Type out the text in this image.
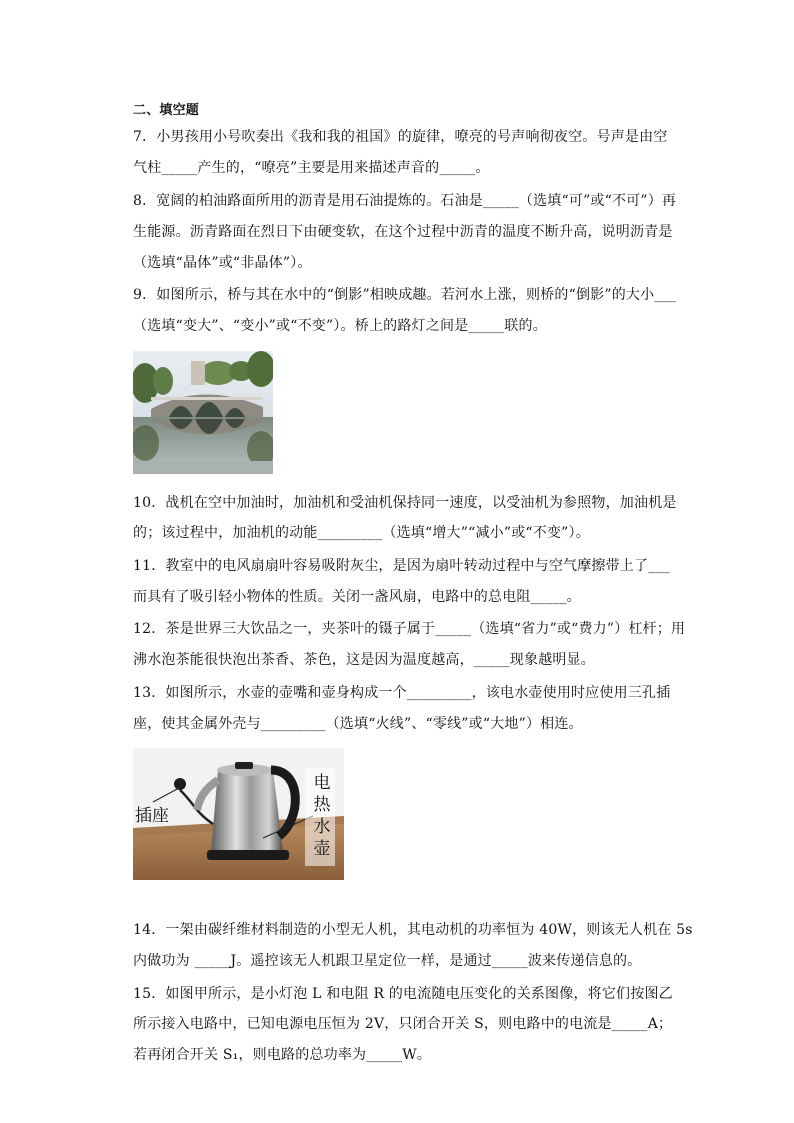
二、填空题
7．小男孩用小号吹奏出《我和我的祖国》的旋律，嘹亮的号声响彻夜空。号声是由空
气柱_____产生的，“嘹亮”主要是用来描述声音的_____。
8．宽阔的柏油路面所用的沥青是用石油提炼的。石油是_____（选填“可”或“不可”）再
生能源。沥青路面在烈日下由硬变软，在这个过程中沥青的温度不断升高，说明沥青是
（选填“晶体”或“非晶体”）。
9．如图所示，桥与其在水中的“倒影”相映成趣。若河水上涨，则桥的“倒影”的大小___
（选填“变大”、“变小”或“不变”）。桥上的路灯之间是_____联的。
10．战机在空中加油时，加油机和受油机保持同一速度，以受油机为参照物，加油机是
的；该过程中，加油机的动能_________（选填“增大”“减小”或“不变”）。
11．教室中的电风扇扇叶容易吸附灰尘，是因为扇叶转动过程中与空气摩擦带上了___
而具有了吸引轻小物体的性质。关闭一盏风扇，电路中的总电阻_____。
12．茶是世界三大饮品之一，夹茶叶的镊子属于_____（选填“省力”或“费力”）杠杆；用
沸水泡茶能很快泡出茶香、茶色，这是因为温度越高，_____现象越明显。
13．如图所示，水壶的壶嘴和壶身构成一个_________，该电水壶使用时应使用三孔插
座，使其金属外壳与_________（选填“火线”、“零线”或“大地”）相连。
插座
电
热
水
壶
14．一架由碳纤维材料制造的小型无人机，其电动机的功率恒为 40W，则该无人机在 5s
内做功为 _____J。遥控该无人机跟卫星定位一样，是通过_____波来传递信息的。
15．如图甲所示，是小灯泡 L 和电阻 R 的电流随电压变化的关系图像，将它们按图乙
所示接入电路中，已知电源电压恒为 2V，只闭合开关 S，则电路中的电流是_____A；
若再闭合开关 S₁，则电路的总功率为_____W。
